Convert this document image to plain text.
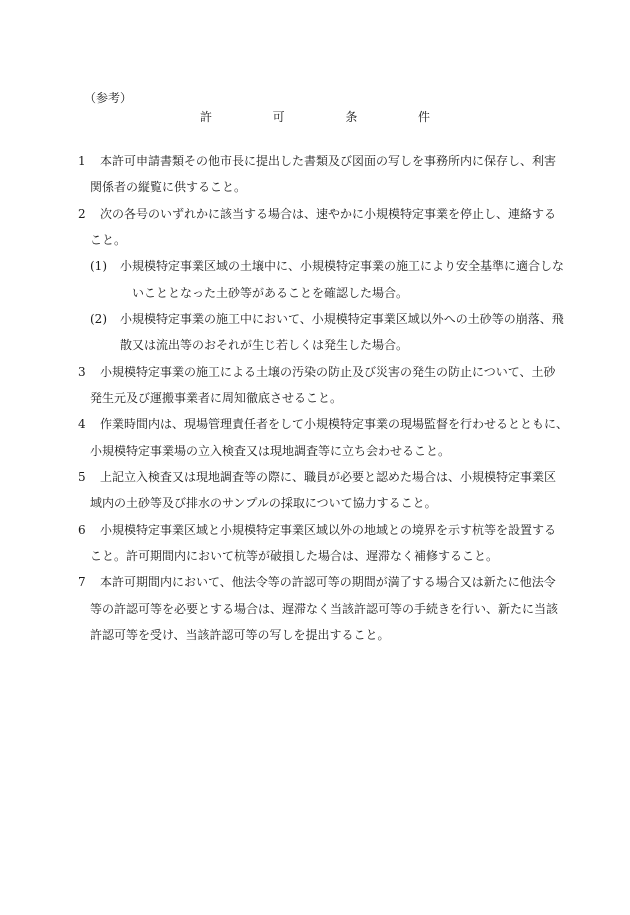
（参考）
許	可	条	件
1 本許可申請書類その他市長に提出した書類及び図面の写しを事務所内に保存し、利害
関係者の縦覧に供すること。
2 次の各号のいずれかに該当する場合は、速やかに小規模特定事業を停止し、連絡する
こと。
(1) 小規模特定事業区域の土壌中に、小規模特定事業の施工により安全基準に適合しな
いこととなった土砂等があることを確認した場合。
(2) 小規模特定事業の施工中において、小規模特定事業区域以外への土砂等の崩落、飛
散又は流出等のおそれが生じ若しくは発生した場合。
3 小規模特定事業の施工による土壌の汚染の防止及び災害の発生の防止について、土砂
発生元及び運搬事業者に周知徹底させること。
4 作業時間内は、現場管理責任者をして小規模特定事業の現場監督を行わせるとともに、
小規模特定事業場の立入検査又は現地調査等に立ち会わせること。
5 上記立入検査又は現地調査等の際に、職員が必要と認めた場合は、小規模特定事業区
域内の土砂等及び排水のサンプルの採取について協力すること。
6 小規模特定事業区域と小規模特定事業区域以外の地域との境界を示す杭等を設置する
こと。許可期間内において杭等が破損した場合は、遅滞なく補修すること。
7 本許可期間内において、他法令等の許認可等の期間が満了する場合又は新たに他法令
等の許認可等を必要とする場合は、遅滞なく当該許認可等の手続きを行い、新たに当該
許認可等を受け、当該許認可等の写しを提出すること。
